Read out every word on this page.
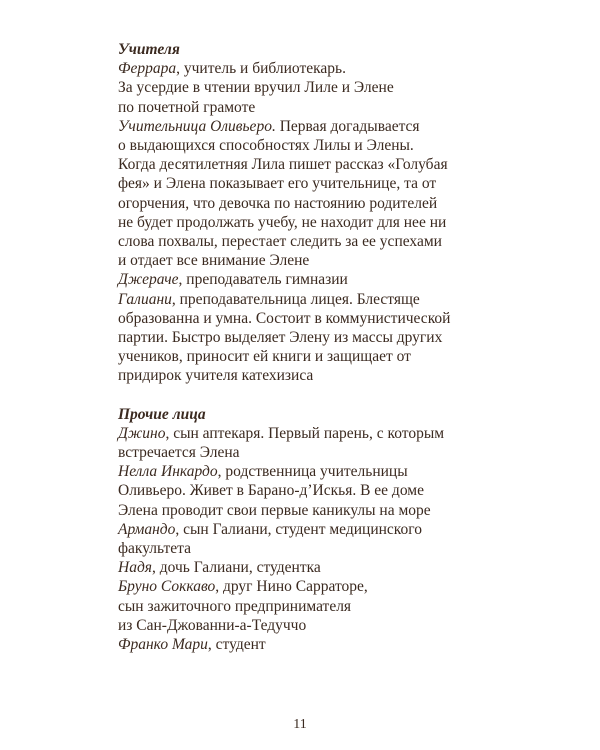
Учителя
Феррара, учитель и библиотекарь.
За усердие в чтении вручил Лиле и Элене
по почетной грамоте
Учительница Оливьеро. Первая догадывается
о выдающихся способностях Лилы и Элены.
Когда десятилетняя Лила пишет рассказ «Голубая
фея» и Элена показывает его учительнице, та от
огорчения, что девочка по настоянию родителей
не будет продолжать учебу, не находит для нее ни
слова похвалы, перестает следить за ее успехами
и отдает все внимание Элене
Джераче, преподаватель гимназии
Галиани, преподавательница лицея. Блестяще
образованна и умна. Состоит в коммунистической
партии. Быстро выделяет Элену из массы других
учеников, приносит ей книги и защищает от
придирок учителя катехизиса
Прочие лица
Джино, сын аптекаря. Первый парень, с которым
встречается Элена
Нелла Инкардо, родственница учительницы
Оливьеро. Живет в Барано-д’Искья. В ее доме
Элена проводит свои первые каникулы на море
Армандо, сын Галиани, студент медицинского
факультета
Надя, дочь Галиани, студентка
Бруно Соккаво, друг Нино Сарраторе,
сын зажиточного предпринимателя
из Сан-Джованни-а-Тедуччо
Франко Мари, студент
11
